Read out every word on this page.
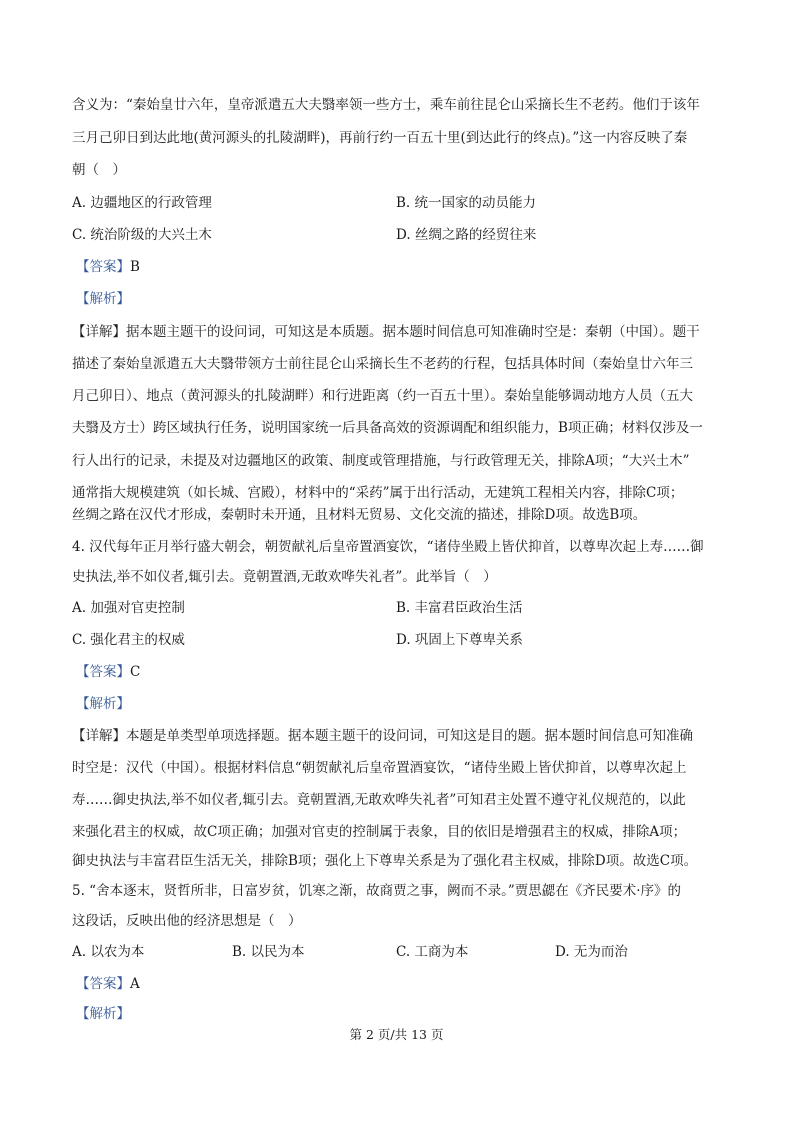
含义为：“秦始皇廿六年，皇帝派遣五大夫翳率领一些方士，乘车前往昆仑山采摘长生不老药。他们于该年
三月己卯日到达此地(黄河源头的扎陵湖畔)，再前行约一百五十里(到达此行的终点)。”这一内容反映了秦
朝（　）
A. 边疆地区的行政管理	B. 统一国家的动员能力
C. 统治阶级的大兴土木	D. 丝绸之路的经贸往来
【答案】B
【解析】
【详解】据本题主题干的设问词，可知这是本质题。据本题时间信息可知准确时空是：秦朝（中国）。题干
描述了秦始皇派遣五大夫翳带领方士前往昆仑山采摘长生不老药的行程，包括具体时间（秦始皇廿六年三
月己卯日）、地点（黄河源头的扎陵湖畔）和行进距离（约一百五十里）。秦始皇能够调动地方人员（五大
夫翳及方士）跨区域执行任务，说明国家统一后具备高效的资源调配和组织能力，B项正确；材料仅涉及一
行人出行的记录，未提及对边疆地区的政策、制度或管理措施，与行政管理无关，排除A项；“大兴土木”
通常指大规模建筑（如长城、宫殿），材料中的“采药”属于出行活动，无建筑工程相关内容，排除C项；
丝绸之路在汉代才形成，秦朝时未开通，且材料无贸易、文化交流的描述，排除D项。故选B项。
4. 汉代每年正月举行盛大朝会，朝贺献礼后皇帝置酒宴饮，“诸侍坐殿上皆伏抑首，以尊卑次起上寿……御
史执法,举不如仪者,辄引去。竟朝置酒,无敢欢哗失礼者”。此举旨（　）
A. 加强对官吏控制	B. 丰富君臣政治生活
C. 强化君主的权威	D. 巩固上下尊卑关系
【答案】C
【解析】
【详解】本题是单类型单项选择题。据本题主题干的设问词，可知这是目的题。据本题时间信息可知准确
时空是：汉代（中国）。根据材料信息“朝贺献礼后皇帝置酒宴饮，“诸侍坐殿上皆伏抑首，以尊卑次起上
寿……御史执法,举不如仪者,辄引去。竟朝置酒,无敢欢哗失礼者”可知君主处置不遵守礼仪规范的，以此
来强化君主的权威，故C项正确；加强对官吏的控制属于表象，目的依旧是增强君主的权威，排除A项；
御史执法与丰富君臣生活无关，排除B项；强化上下尊卑关系是为了强化君主权威，排除D项。故选C项。
5. “舍本逐末，贤哲所非，日富岁贫，饥寒之渐，故商贾之事，阙而不录。”贾思勰在《齐民要术·序》的
这段话，反映出他的经济思想是（　）
A. 以农为本	B. 以民为本	C. 工商为本	D. 无为而治
【答案】A
【解析】
第 2 页/共 13 页
